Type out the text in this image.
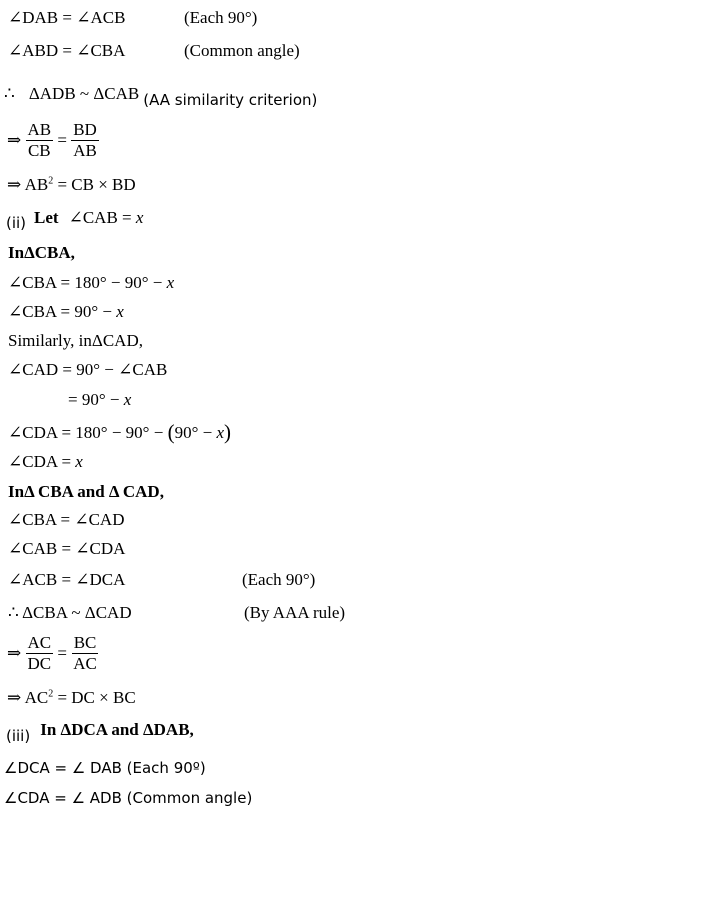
∠DAB = ∠ACB	(Each 90°)
∠ABD = ∠CBA	(Common angle)
∴ ΔADB ~ ΔCAB (AA similarity criterion)
⇒ $\frac{AB}{CB} = \frac{BD}{AB}$
⇒ $AB^2$ = CB × BD
(ii) Let ∠CAB = x
InΔCBA,
∠CBA = 180° − 90° − x
∠CBA = 90° − x
Similarly, inΔCAD,
∠CAD = 90° − ∠CAB
= 90° − x
∠CDA = 180° − 90° − (90° − x)
∠CDA = x
InΔ CBA and Δ CAD,
∠CBA = ∠CAD
∠CAB = ∠CDA
∠ACB = ∠DCA	(Each 90°)
∴ ΔCBA ~ ΔCAD	(By AAA rule)
⇒ $\frac{AC}{DC} = \frac{BC}{AC}$
⇒ $AC^2$ = DC × BC
(iii) In ΔDCA and ΔDAB,
∠DCA = ∠ DAB (Each 90º)
∠CDA = ∠ ADB (Common angle)
